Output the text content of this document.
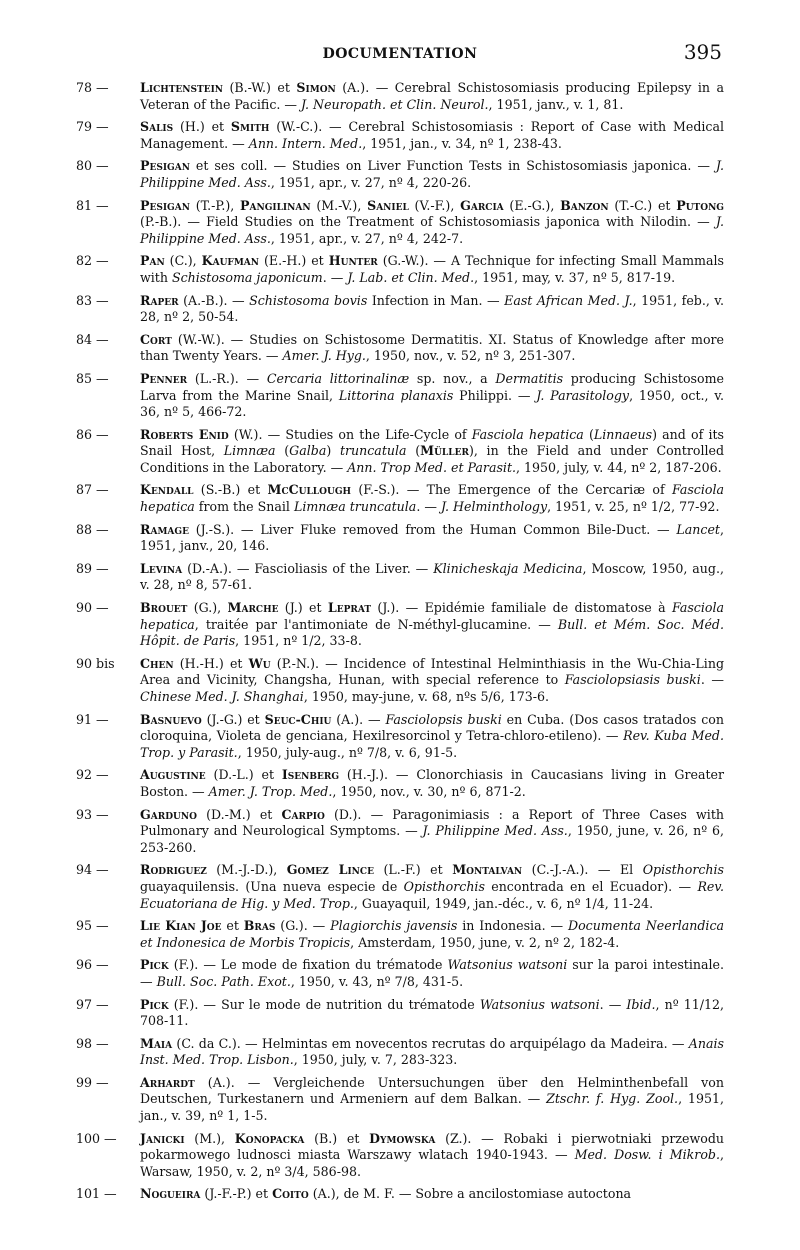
DOCUMENTATION	395
78 —	Lichtenstein (B.-W.) et Simon (A.). — Cerebral Schistosomiasis producing Epilepsy in a Veteran of the Pacific. — J. Neuropath. et Clin. Neurol., 1951, janv., v. 1, 81.
79 —	Salis (H.) et Smith (W.-C.). — Cerebral Schistosomiasis : Report of Case with Medical Management. — Ann. Intern. Med., 1951, jan., v. 34, nº 1, 238-43.
80 —	Pesigan et ses coll. — Studies on Liver Function Tests in Schistosomiasis japonica. — J. Philippine Med. Ass., 1951, apr., v. 27, nº 4, 220-26.
81 —	Pesigan (T.-P.), Pangilinan (M.-V.), Saniel (V.-F.), Garcia (E.-G.), Banzon (T.-C.) et Putong (P.-B.). — Field Studies on the Treatment of Schistosomiasis japonica with Nilodin. — J. Philippine Med. Ass., 1951, apr., v. 27, nº 4, 242-7.
82 —	Pan (C.), Kaufman (E.-H.) et Hunter (G.-W.). — A Technique for infecting Small Mammals with Schistosoma japonicum. — J. Lab. et Clin. Med., 1951, may, v. 37, nº 5, 817-19.
83 —	Raper (A.-B.). — Schistosoma bovis Infection in Man. — East African Med. J., 1951, feb., v. 28, nº 2, 50-54.
84 —	Cort (W.-W.). — Studies on Schistosome Dermatitis. XI. Status of Knowledge after more than Twenty Years. — Amer. J. Hyg., 1950, nov., v. 52, nº 3, 251-307.
85 —	Penner (L.-R.). — Cercaria littorinalinæ sp. nov., a Dermatitis producing Schistosome Larva from the Marine Snail, Littorina planaxis Philippi. — J. Parasitology, 1950, oct., v. 36, nº 5, 466-72.
86 —	Roberts Enid (W.). — Studies on the Life-Cycle of Fasciola hepatica (Linnaeus) and of its Snail Host, Limnæa (Galba) truncatula (Müller), in the Field and under Controlled Conditions in the Laboratory. — Ann. Trop Med. et Parasit., 1950, july, v. 44, nº 2, 187-206.
87 —	Kendall (S.-B.) et McCullough (F.-S.). — The Emergence of the Cercariæ of Fasciola hepatica from the Snail Limnæa truncatula. — J. Helminthology, 1951, v. 25, nº 1/2, 77-92.
88 —	Ramage (J.-S.). — Liver Fluke removed from the Human Common Bile-Duct. — Lancet, 1951, janv., 20, 146.
89 —	Levina (D.-A.). — Fascioliasis of the Liver. — Klinicheskaja Medicina, Moscow, 1950, aug., v. 28, nº 8, 57-61.
90 —	Brouet (G.), Marche (J.) et Leprat (J.). — Epidémie familiale de distomatose à Fasciola hepatica, traitée par l'antimoniate de N-méthyl-glucamine. — Bull. et Mém. Soc. Méd. Hôpit. de Paris, 1951, nº 1/2, 33-8.
90 bis	Chen (H.-H.) et Wu (P.-N.). — Incidence of Intestinal Helminthiasis in the Wu-Chia-Ling Area and Vicinity, Changsha, Hunan, with special reference to Fasciolopsiasis buski. — Chinese Med. J. Shanghai, 1950, may-june, v. 68, nºs 5/6, 173-6.
91 —	Basnuevo (J.-G.) et Seuc-Chiu (A.). — Fasciolopsis buski en Cuba. (Dos casos tratados con cloroquina, Violeta de genciana, Hexilresorcinol y Tetra-chloro-etileno). — Rev. Kuba Med. Trop. y Parasit., 1950, july-aug., nº 7/8, v. 6, 91-5.
92 —	Augustine (D.-L.) et Isenberg (H.-J.). — Clonorchiasis in Caucasians living in Greater Boston. — Amer. J. Trop. Med., 1950, nov., v. 30, nº 6, 871-2.
93 —	Garduno (D.-M.) et Carpio (D.). — Paragonimiasis : a Report of Three Cases with Pulmonary and Neurological Symptoms. — J. Philippine Med. Ass., 1950, june, v. 26, nº 6, 253-260.
94 —	Rodriguez (M.-J.-D.), Gomez Lince (L.-F.) et Montalvan (C.-J.-A.). — El Opisthorchis guayaquilensis. (Una nueva especie de Opisthorchis encontrada en el Ecuador). — Rev. Ecuatoriana de Hig. y Med. Trop., Guayaquil, 1949, jan.-déc., v. 6, nº 1/4, 11-24.
95 —	Lie Kian Joe et Bras (G.). — Plagiorchis javensis in Indonesia. — Documenta Neerlandica et Indonesica de Morbis Tropicis, Amsterdam, 1950, june, v. 2, nº 2, 182-4.
96 —	Pick (F.). — Le mode de fixation du trématode Watsonius watsoni sur la paroi intestinale. — Bull. Soc. Path. Exot., 1950, v. 43, nº 7/8, 431-5.
97 —	Pick (F.). — Sur le mode de nutrition du trématode Watsonius watsoni. — Ibid., nº 11/12, 708-11.
98 —	Maia (C. da C.). — Helmintas em novecentos recrutas do arquipélago da Madeira. — Anais Inst. Med. Trop. Lisbon., 1950, july, v. 7, 283-323.
99 —	Arhardt (A.). — Vergleichende Untersuchungen über den Helminthenbefall von Deutschen, Turkestanern und Armeniern auf dem Balkan. — Ztschr. f. Hyg. Zool., 1951, jan., v. 39, nº 1, 1-5.
100 —	Janicki (M.), Konopacka (B.) et Dymowska (Z.). — Robaki i pierwotniaki przewodu pokarmowego ludnosci miasta Warszawy wlatach 1940-1943. — Med. Dosw. i Mikrob., Warsaw, 1950, v. 2, nº 3/4, 586-98.
101 —	Nogueira (J.-F.-P.) et Coito (A.), de M. F. — Sobre a ancilostomiase autoctona
